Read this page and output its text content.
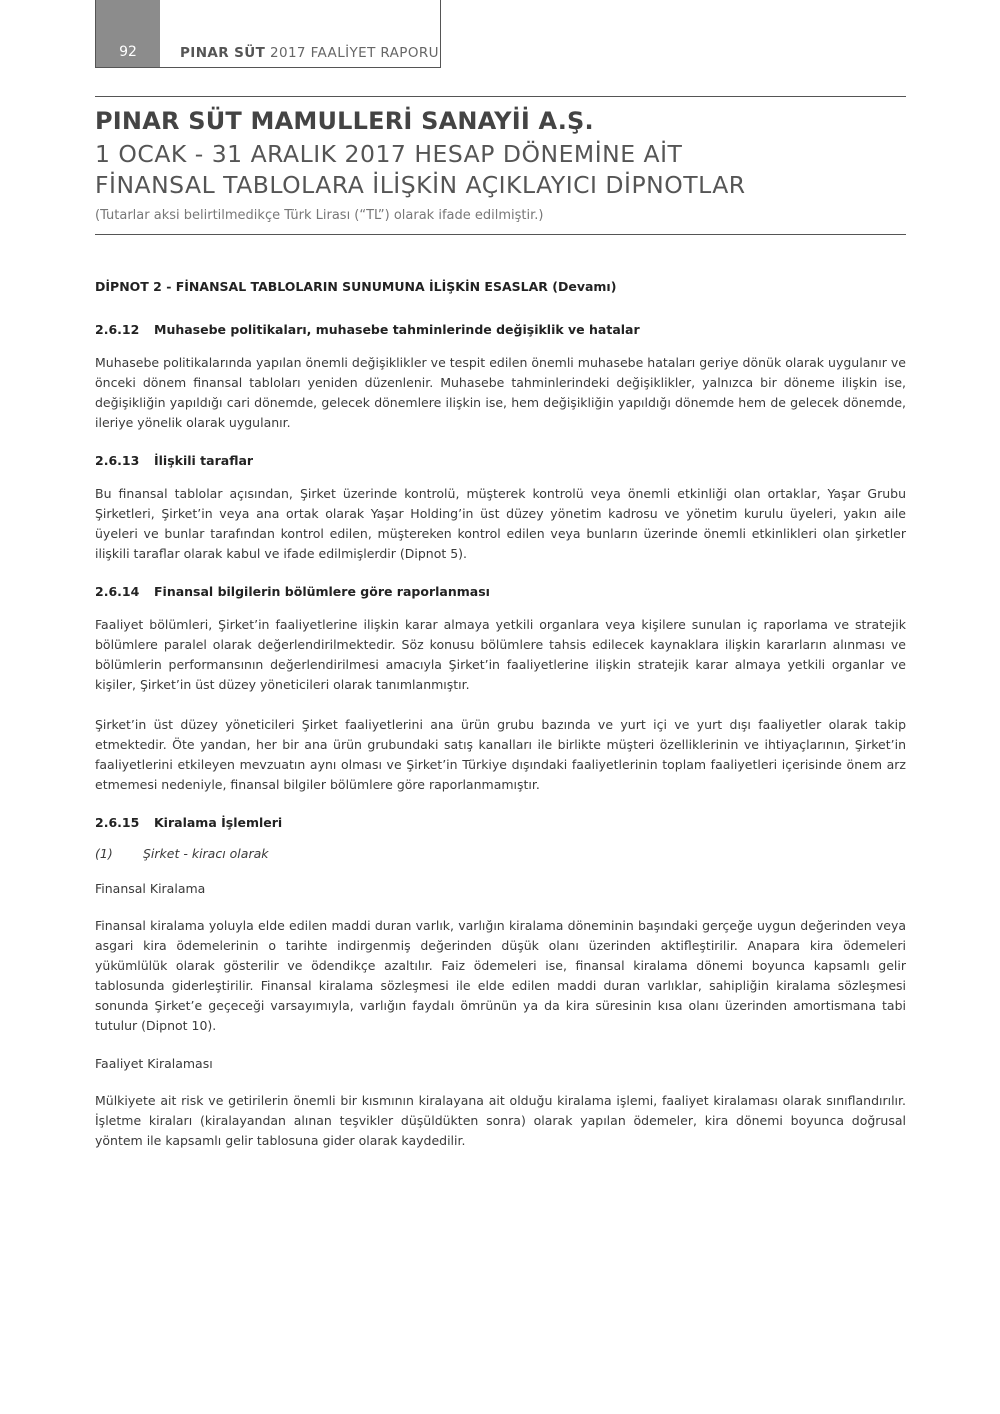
92	PINAR SÜT 2017 FAALİYET RAPORU
PINAR SÜT MAMULLERİ SANAYİİ A.Ş.
1 OCAK - 31 ARALIK 2017 HESAP DÖNEMİNE AİT
FİNANSAL TABLOLARA İLİŞKİN AÇIKLAYICI DİPNOTLAR
(Tutarlar aksi belirtilmedikçe Türk Lirası (“TL”) olarak ifade edilmiştir.)
DİPNOT 2 - FİNANSAL TABLOLARIN SUNUMUNA İLİŞKİN ESASLAR (Devamı)
2.6.12	Muhasebe politikaları, muhasebe tahminlerinde değişiklik ve hatalar

Muhasebe politikalarında yapılan önemli değişiklikler ve tespit edilen önemli muhasebe hataları geriye dönük olarak uygulanır ve önceki dönem finansal tabloları yeniden düzenlenir. Muhasebe tahminlerindeki değişiklikler, yalnızca bir döneme ilişkin ise, değişikliğin yapıldığı cari dönemde, gelecek dönemlere ilişkin ise, hem değişikliğin yapıldığı dönemde hem de gelecek dönemde, ileriye yönelik olarak uygulanır.

2.6.13	İlişkili taraflar

Bu finansal tablolar açısından, Şirket üzerinde kontrolü, müşterek kontrolü veya önemli etkinliği olan ortaklar, Yaşar Grubu Şirketleri, Şirket’in veya ana ortak olarak Yaşar Holding’in üst düzey yönetim kadrosu ve yönetim kurulu üyeleri, yakın aile üyeleri ve bunlar tarafından kontrol edilen, müştereken kontrol edilen veya bunların üzerinde önemli etkinlikleri olan şirketler ilişkili taraflar olarak kabul ve ifade edilmişlerdir (Dipnot 5).

2.6.14	Finansal bilgilerin bölümlere göre raporlanması

Faaliyet bölümleri, Şirket’in faaliyetlerine ilişkin karar almaya yetkili organlara veya kişilere sunulan iç raporlama ve stratejik bölümlere paralel olarak değerlendirilmektedir. Söz konusu bölümlere tahsis edilecek kaynaklara ilişkin kararların alınması ve bölümlerin performansının değerlendirilmesi amacıyla Şirket’in faaliyetlerine ilişkin stratejik karar almaya yetkili organlar ve kişiler, Şirket’in üst düzey yöneticileri olarak tanımlanmıştır.

Şirket’in üst düzey yöneticileri Şirket faaliyetlerini ana ürün grubu bazında ve yurt içi ve yurt dışı faaliyetler olarak takip etmektedir. Öte yandan, her bir ana ürün grubundaki satış kanalları ile birlikte müşteri özelliklerinin ve ihtiyaçlarının, Şirket’in faaliyetlerini etkileyen mevzuatın aynı olması ve Şirket’in Türkiye dışındaki faaliyetlerinin toplam faaliyetleri içerisinde önem arz etmemesi nedeniyle, finansal bilgiler bölümlere göre raporlanmamıştır.

2.6.15	Kiralama İşlemleri
(1)	Şirket - kiracı olarak
Finansal Kiralama

Finansal kiralama yoluyla elde edilen maddi duran varlık, varlığın kiralama döneminin başındaki gerçeğe uygun değerinden veya asgari kira ödemelerinin o tarihte indirgenmiş değerinden düşük olanı üzerinden aktifleştirilir. Anapara kira ödemeleri yükümlülük olarak gösterilir ve ödendikçe azaltılır. Faiz ödemeleri ise, finansal kiralama dönemi boyunca kapsamlı gelir tablosunda giderleştirilir. Finansal kiralama sözleşmesi ile elde edilen maddi duran varlıklar, sahipliğin kiralama sözleşmesi sonunda Şirket’e geçeceği varsayımıyla, varlığın faydalı ömrünün ya da kira süresinin kısa olanı üzerinden amortismana tabi tutulur (Dipnot 10).

Faaliyet Kiralaması

Mülkiyete ait risk ve getirilerin önemli bir kısmının kiralayana ait olduğu kiralama işlemi, faaliyet kiralaması olarak sınıflandırılır. İşletme kiraları (kiralayandan alınan teşvikler düşüldükten sonra) olarak yapılan ödemeler, kira dönemi boyunca doğrusal yöntem ile kapsamlı gelir tablosuna gider olarak kaydedilir.
